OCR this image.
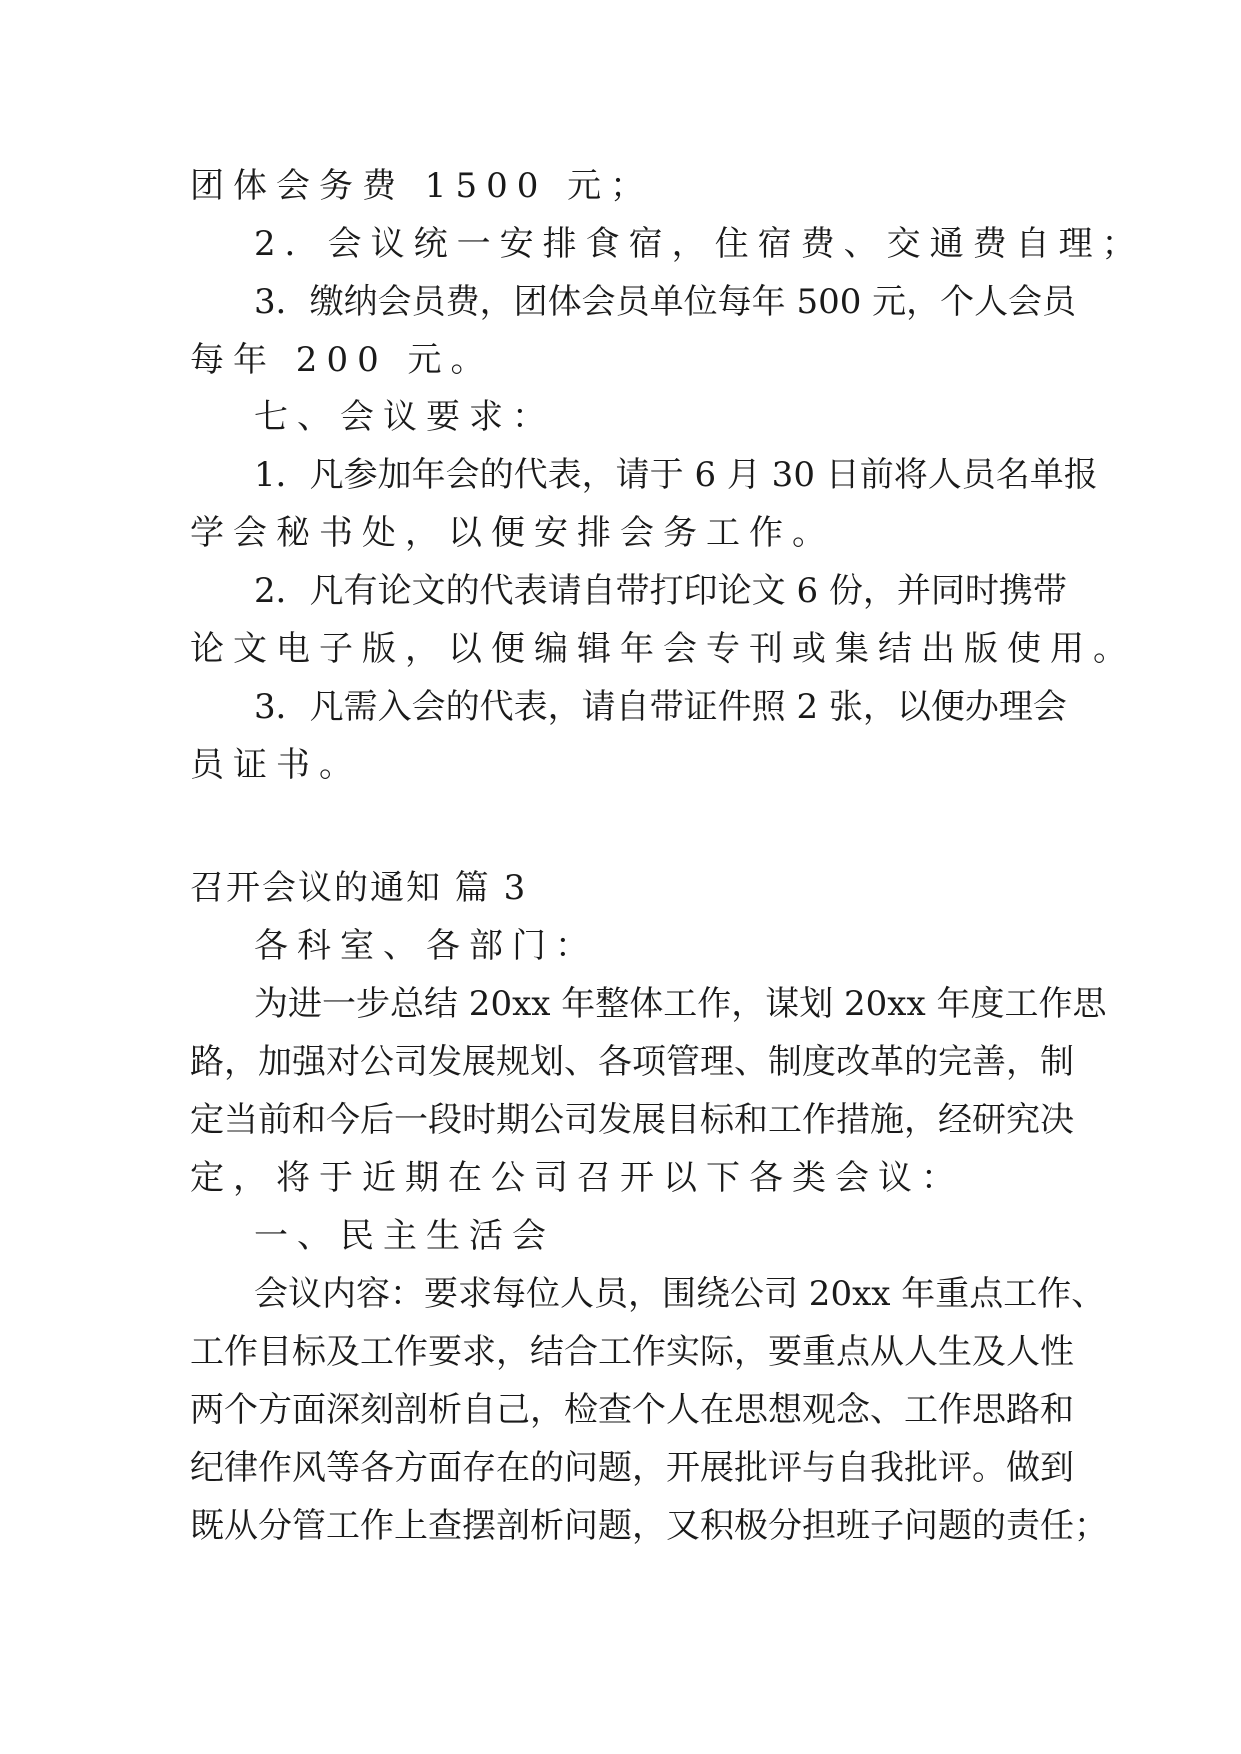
团体会务费 1500 元；
2．会议统一安排食宿，住宿费、交通费自理；
3．缴纳会员费，团体会员单位每年 500 元，个人会员
每年 200 元。
七、会议要求：
1．凡参加年会的代表，请于 6 月 30 日前将人员名单报
学会秘书处，以便安排会务工作。
2．凡有论文的代表请自带打印论文 6 份，并同时携带
论文电子版，以便编辑年会专刊或集结出版使用。
3．凡需入会的代表，请自带证件照 2 张，以便办理会
员证书。
召开会议的通知 篇 3
各科室、各部门：
为进一步总结 20xx 年整体工作，谋划 20xx 年度工作思
路，加强对公司发展规划、各项管理、制度改革的完善，制
定当前和今后一段时期公司发展目标和工作措施，经研究决
定，将于近期在公司召开以下各类会议：
一、民主生活会
会议内容：要求每位人员，围绕公司 20xx 年重点工作、
工作目标及工作要求，结合工作实际，要重点从人生及人性
两个方面深刻剖析自己，检查个人在思想观念、工作思路和
纪律作风等各方面存在的问题，开展批评与自我批评。做到
既从分管工作上查摆剖析问题，又积极分担班子问题的责任；
